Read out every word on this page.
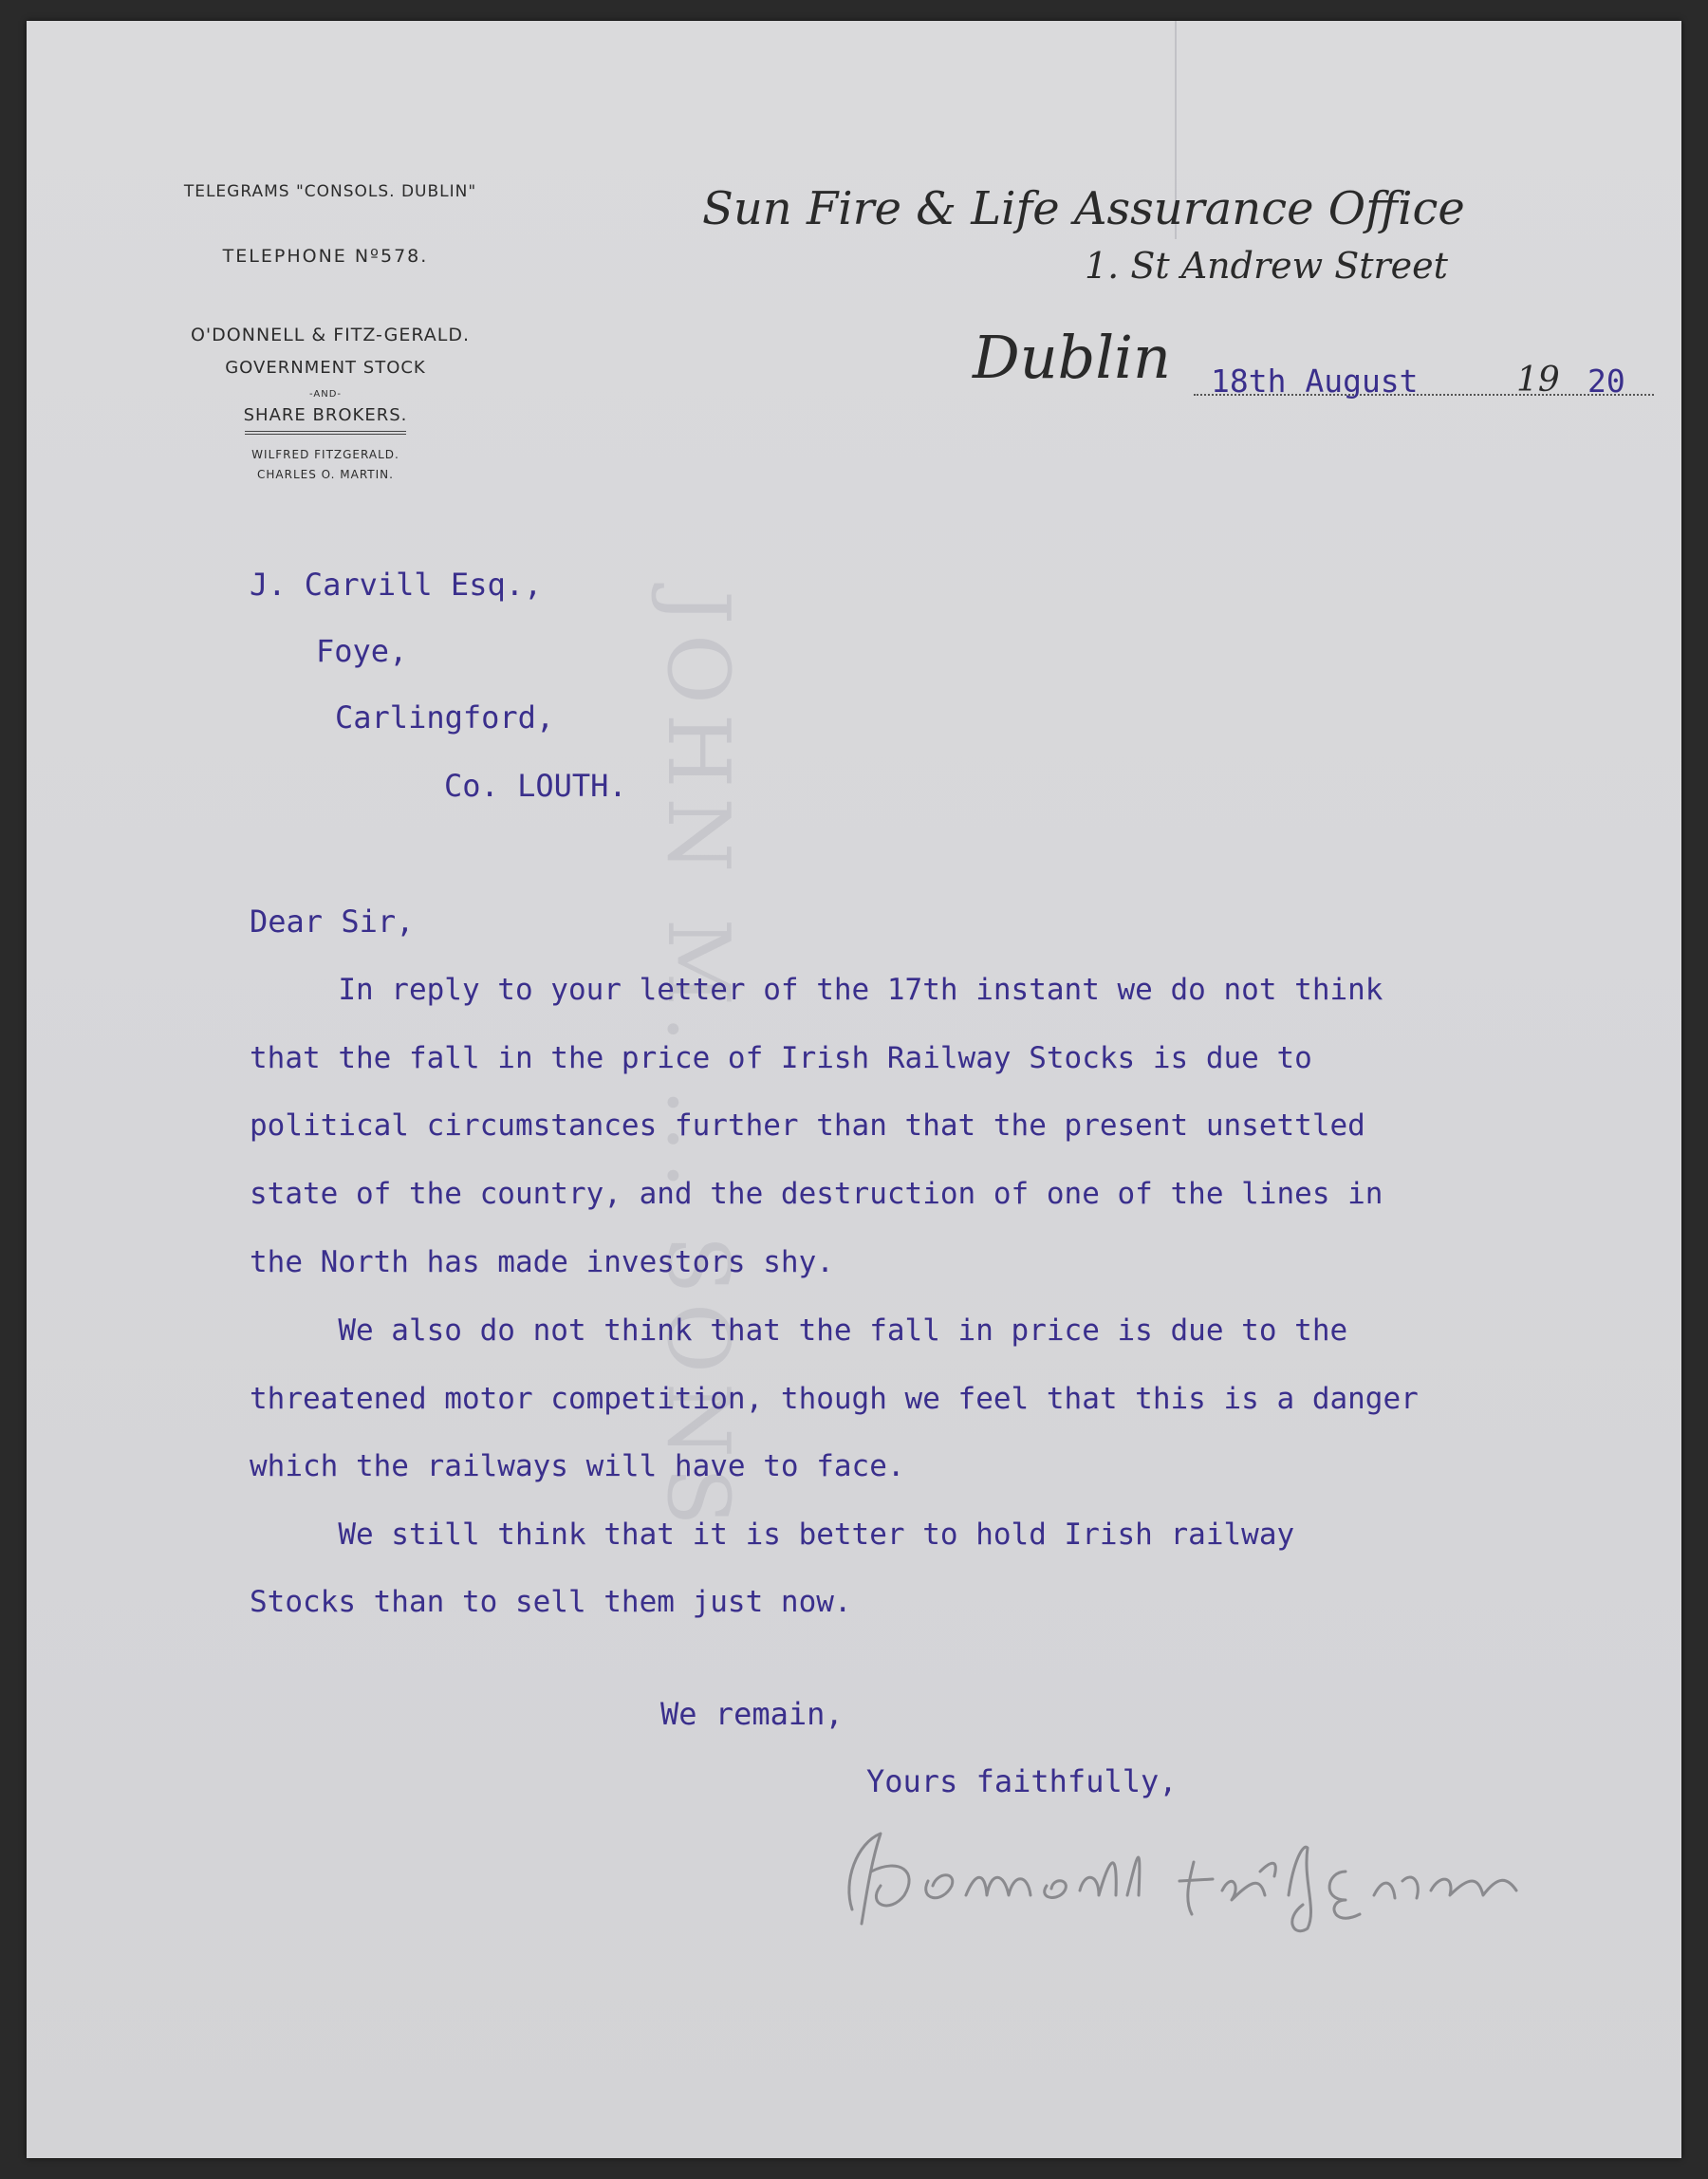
JOHN M. ... SONS
TELEGRAMS "CONSOLS. DUBLIN"
TELEPHONE Nº578.
O'DONNELL & FITZ-GERALD.
GOVERNMENT STOCK
-AND-
SHARE BROKERS.
WILFRED FITZGERALD.
CHARLES O. MARTIN.
Sun Fire & Life Assurance Office
1. St Andrew Street
Dublin 18th August	19 20
J. Carvill Esq.,
Foye,
Carlingford,
Co. LOUTH.
Dear Sir,
In reply to your letter of the 17th instant we do not think
that the fall in the price of Irish Railway Stocks is due to
political circumstances further than that the present unsettled
state of the country, and the destruction of one of the lines in
the North has made investors shy.
We also do not think that the fall in price is due to the
threatened motor competition, though we feel that this is a danger
which the railways will have to face.
We still think that it is better to hold Irish railway
Stocks than to sell them just now.
We remain,
Yours faithfully,
